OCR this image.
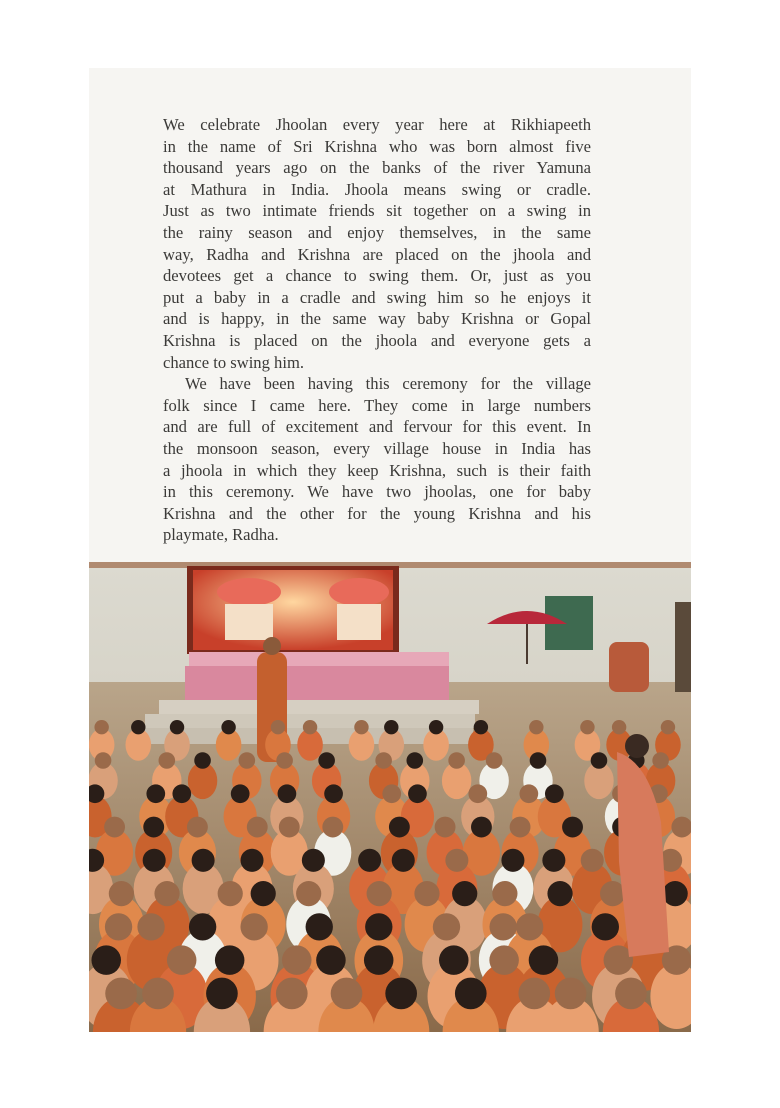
We celebrate Jhoolan every year here at Rikhiapeeth
in the name of Sri Krishna who was born almost five
thousand years ago on the banks of the river Yamuna
at Mathura in India. Jhoola means swing or cradle.
Just as two intimate friends sit together on a swing in
the rainy season and enjoy themselves, in the same
way, Radha and Krishna are placed on the jhoola and
devotees get a chance to swing them. Or, just as you
put a baby in a cradle and swing him so he enjoys it
and is happy, in the same way baby Krishna or Gopal
Krishna is placed on the jhoola and everyone gets a
chance to swing him.
We have been having this ceremony for the village
folk since I came here. They come in large numbers
and are full of excitement and fervour for this event. In
the monsoon season, every village house in India has
a jhoola in which they keep Krishna, such is their faith
in this ceremony. We have two jhoolas, one for baby
Krishna and the other for the young Krishna and his
playmate, Radha.
